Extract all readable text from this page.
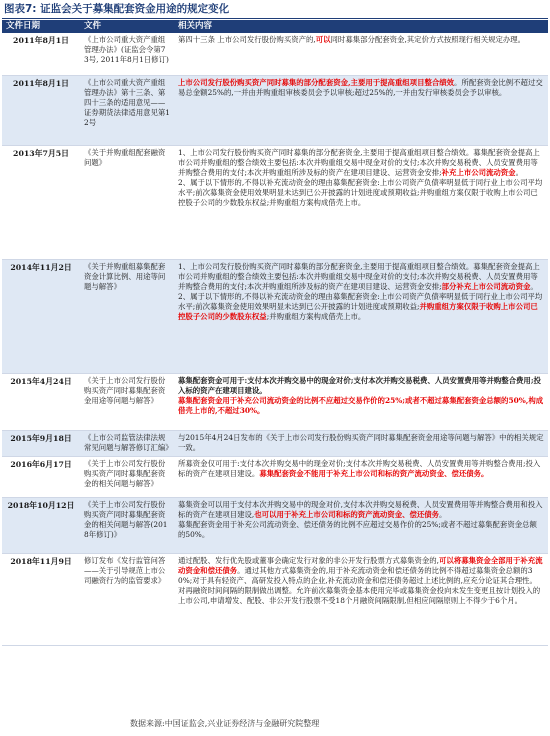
图表7: 证监会关于募集配套资金用途的规定变化
文件日期	文件	相关内容
2011年8月1日	《上市公司重大资产重组管理办法》(证监会令第73号, 2011年8月1日修订)	第四十三条 上市公司发行股份购买资产的,可以同时募集部分配套资金,其定价方式按照现行相关规定办理。
2011年8月1日	《上市公司重大资产重组管理办法》第十三条、第四十三条的适用意见——证券期货法律适用意见第12号	上市公司发行股份购买资产同时募集的部分配套资金,主要用于提高重组项目整合绩效。所配套资金比例不超过交易总金额25%的,一并由并购重组审核委员会予以审核;超过25%的,一并由发行审核委员会予以审核。
2013年7月5日	《关于并购重组配套融资问题》	1、上市公司发行股份购买资产同时募集的部分配套资金,主要用于提高重组项目整合绩效。募集配套资金提高上市公司并购重组的整合绩效主要包括:本次并购重组交易中现金对价的支付;本次并购交易税费、人员安置费用等并购整合费用的支付;本次并购重组所涉及标的资产在建项目建设、运营资金安排;补充上市公司流动资金。
2、属于以下情形的,不得以补充流动资金的理由募集配套资金:上市公司资产负债率明显低于同行业上市公司平均水平;前次募集资金使用效果明显未达到已公开披露的计划进度或预期收益;并购重组方案仅限于收购上市公司已控股子公司的少数股东权益;并购重组方案构成借壳上市。
2014年11月2日	《关于并购重组募集配套资金计算比例、用途等问题与解答》	1、上市公司发行股份购买资产同时募集的部分配套资金,主要用于提高重组项目整合绩效。募集配套资金提高上市公司并购重组的整合绩效主要包括:本次并购重组交易中现金对价的支付;本次并购交易税费、人员安置费用等并购整合费用的支付;本次并购重组所涉及标的资产在建项目建设、运营资金安排;部分补充上市公司流动资金。
2、属于以下情形的,不得以补充流动资金的理由募集配套资金:上市公司资产负债率明显低于同行业上市公司平均水平;前次募集资金使用效果明显未达到已公开披露的计划进度或预期收益;并购重组方案仅限于收购上市公司已控股子公司的少数股东权益;并购重组方案构成借壳上市。
2015年4月24日	《关于上市公司发行股份购买资产同时募集配套资金用途等问题与解答》	募集配套资金可用于:支付本次并购交易中的现金对价;支付本次并购交易税费、人员安置费用等并购整合费用;投入标的资产在建项目建设。
募集配套资金用于补充公司流动资金的比例不应超过交易作价的25%;或者不超过募集配套资金总额的50%,构成借壳上市的,不超过30%。
2015年9月18日	《上市公司监管法律法规常见问题与解答修订汇编》	与2015年4月24日发布的《关于上市公司发行股份购买资产同时募集配套资金用途等问题与解答》中的相关规定一致。
2016年6月17日	《关于上市公司发行股份购买资产同时募集配套资金的相关问题与解答》	所募资金仅可用于:支付本次并购交易中的现金对价;支付本次并购交易税费、人员安置费用等并购整合费用;投入标的资产在建项目建设。募集配套资金不能用于补充上市公司和标的资产流动资金、偿还债务。
2018年10月12日	《关于上市公司发行股份购买资产同时募集配套资金的相关问题与解答(2018年修订)》	募集资金可以用于支付本次并购交易中的现金对价,支付本次并购交易税费、人员安置费用等并购整合费用和投入标的资产在建项目建设,也可以用于补充上市公司和标的资产流动资金、偿还债务。
募集配套资金用于补充公司流动资金、偿还债务的比例不应超过交易作价的25%;或者不超过募集配套资金总额的50%。
2018年11月9日	修订发布《发行监管问答——关于引导规范上市公司融资行为的监管要求》	通过配股、发行优先股或董事会确定发行对象的非公开发行股票方式募集资金的,可以将募集资金全部用于补充流动资金和偿还债务。通过其他方式募集资金的,用于补充流动资金和偿还债务的比例不得超过募集资金总额的30%;对于具有轻资产、高研发投入特点的企业,补充流动资金和偿还债务超过上述比例的,应充分论证其合理性。
对再融资时间间隔的限制做出调整。允许前次募集资金基本使用完毕或募集资金投向未发生变更且按计划投入的上市公司,申请增发、配股、非公开发行股票不受18个月融资间隔限制,但相应间隔原则上不得少于6个月。
数据来源:中国证监会,兴业证券经济与金融研究院整理
